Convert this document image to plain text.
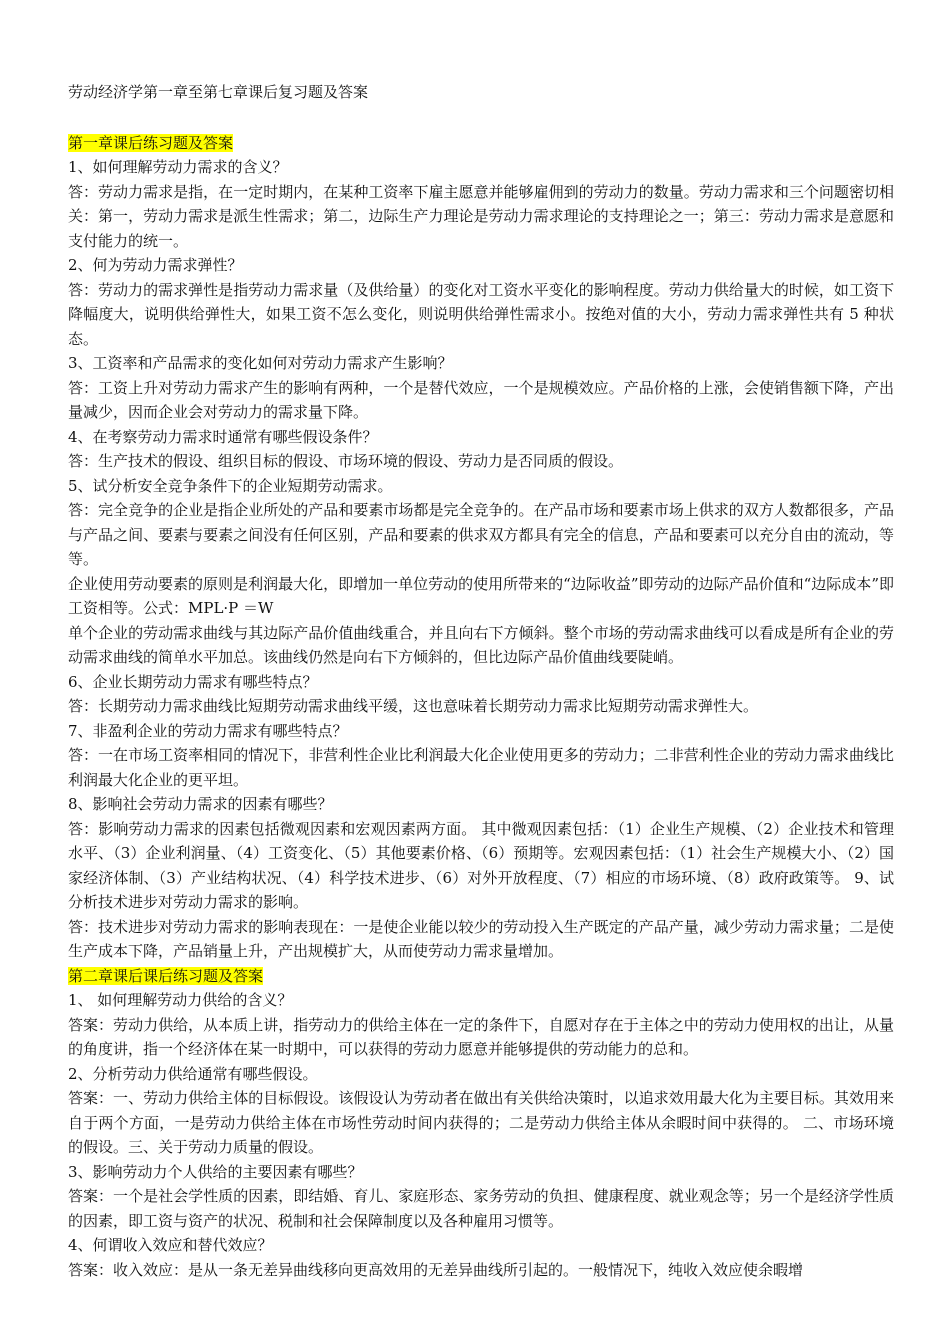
劳动经济学第一章至第七章课后复习题及答案

第一章课后练习题及答案

1、如何理解劳动力需求的含义？

答：劳动力需求是指，在一定时期内，在某种工资率下雇主愿意并能够雇佣到的劳动力的数量。劳动力需求和三个问题密切相关：第一，劳动力需求是派生性需求；第二，边际生产力理论是劳动力需求理论的支持理论之一；第三：劳动力需求是意愿和支付能力的统一。

2、何为劳动力需求弹性？

答：劳动力的需求弹性是指劳动力需求量（及供给量）的变化对工资水平变化的影响程度。劳动力供给量大的时候，如工资下降幅度大，说明供给弹性大，如果工资不怎么变化，则说明供给弹性需求小。按绝对值的大小，劳动力需求弹性共有 5 种状态。

3、工资率和产品需求的变化如何对劳动力需求产生影响？

答：工资上升对劳动力需求产生的影响有两种，一个是替代效应，一个是规模效应。产品价格的上涨，会使销售额下降，产出量减少，因而企业会对劳动力的需求量下降。

4、在考察劳动力需求时通常有哪些假设条件？

答：生产技术的假设、组织目标的假设、市场环境的假设、劳动力是否同质的假设。

5、试分析安全竞争条件下的企业短期劳动需求。

答：完全竞争的企业是指企业所处的产品和要素市场都是完全竞争的。在产品市场和要素市场上供求的双方人数都很多，产品与产品之间、要素与要素之间没有任何区别，产品和要素的供求双方都具有完全的信息，产品和要素可以充分自由的流动，等等。

企业使用劳动要素的原则是利润最大化，即增加一单位劳动的使用所带来的“边际收益”即劳动的边际产品价值和“边际成本”即工资相等。公式：MPL·P ＝W

单个企业的劳动需求曲线与其边际产品价值曲线重合，并且向右下方倾斜。整个市场的劳动需求曲线可以看成是所有企业的劳动需求曲线的简单水平加总。该曲线仍然是向右下方倾斜的，但比边际产品价值曲线要陡峭。

6、企业长期劳动力需求有哪些特点？

答：长期劳动力需求曲线比短期劳动需求曲线平缓，这也意味着长期劳动力需求比短期劳动需求弹性大。

7、非盈利企业的劳动力需求有哪些特点？

答：一在市场工资率相同的情况下，非营利性企业比利润最大化企业使用更多的劳动力；二非营利性企业的劳动力需求曲线比利润最大化企业的更平坦。

8、影响社会劳动力需求的因素有哪些？

答：影响劳动力需求的因素包括微观因素和宏观因素两方面。 其中微观因素包括：（1）企业生产规模、（2）企业技术和管理水平、（3）企业利润量、（4）工资变化、（5）其他要素价格、（6）预期等。宏观因素包括：（1）社会生产规模大小、（2）国家经济体制、（3）产业结构状况、（4）科学技术进步、（6）对外开放程度、（7）相应的市场环境、（8）政府政策等。 9、试分析技术进步对劳动力需求的影响。

答：技术进步对劳动力需求的影响表现在：一是使企业能以较少的劳动投入生产既定的产品产量，减少劳动力需求量；二是使生产成本下降，产品销量上升，产出规模扩大，从而使劳动力需求量增加。

第二章课后课后练习题及答案

1、 如何理解劳动力供给的含义？

答案：劳动力供给，从本质上讲，指劳动力的供给主体在一定的条件下，自愿对存在于主体之中的劳动力使用权的出让，从量的角度讲，指一个经济体在某一时期中，可以获得的劳动力愿意并能够提供的劳动能力的总和。

2、分析劳动力供给通常有哪些假设。

答案：一、劳动力供给主体的目标假设。该假设认为劳动者在做出有关供给决策时，以追求效用最大化为主要目标。其效用来自于两个方面，一是劳动力供给主体在市场性劳动时间内获得的；二是劳动力供给主体从余暇时间中获得的。 二、市场环境的假设。三、关于劳动力质量的假设。

3、影响劳动力个人供给的主要因素有哪些？

答案：一个是社会学性质的因素，即结婚、育儿、家庭形态、家务劳动的负担、健康程度、就业观念等；另一个是经济学性质的因素，即工资与资产的状况、税制和社会保障制度以及各种雇用习惯等。

4、何谓收入效应和替代效应？

答案：收入效应：是从一条无差异曲线移向更高效用的无差异曲线所引起的。一般情况下，纯收入效应使余暇增
